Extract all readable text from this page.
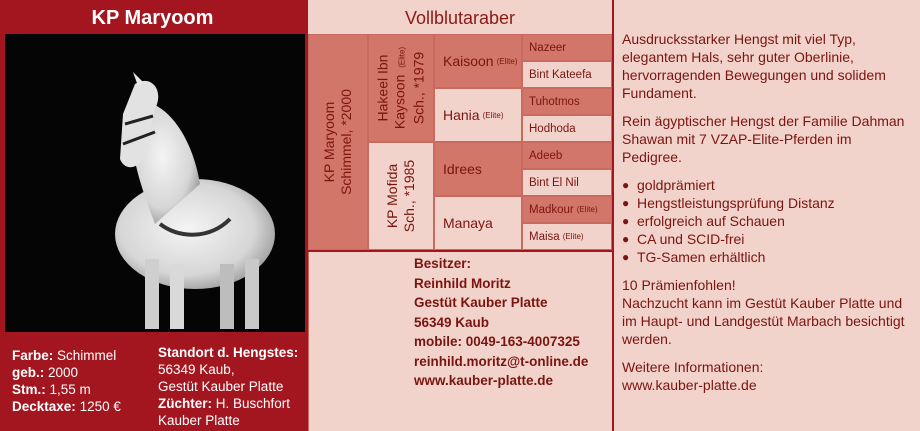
KP Maryoom
Farbe: Schimmel
geb.: 2000
Stm.: 1,55 m
Decktaxe: 1250 €
Standort d. Hengstes:
56349 Kaub,
Gestüt Kauber Platte
Züchter: H. Buschfort
Kauber Platte
Vollblutaraber
KP Maryoom Schimmel, *2000
Hakeel Ibn Kaysoon (Elite) Sch., *1979
KP Mofida Sch., *1985
Kaisoon (Elite)
Hania (Elite)
Idrees
Manaya
Nazeer
Bint Kateefa
Tuhotmos
Hodhoda
Adeeb
Bint El Nil
Madkour (Elite)
Maisa (Elite)
Besitzer:
Reinhild Moritz
Gestüt Kauber Platte
56349 Kaub
mobile: 0049-163-4007325
reinhild.moritz@t-online.de
www.kauber-platte.de

Ausdrucksstarker Hengst mit viel Typ, elegantem Hals, sehr guter Oberlinie, hervorragenden Bewegungen und solidem Fundament.

Rein ägyptischer Hengst der Familie Dahman Shawan mit 7 VZAP-Elite-Pferden im Pedigree.

● goldprämiert
● Hengstleistungsprüfung Distanz
● erfolgreich auf Schauen
● CA und SCID-frei
● TG-Samen erhältlich

10 Prämienfohlen!
Nachzucht kann im Gestüt Kauber Platte und im Haupt- und Landgestüt Marbach besichtigt werden.

Weitere Informationen:
www.kauber-platte.de
